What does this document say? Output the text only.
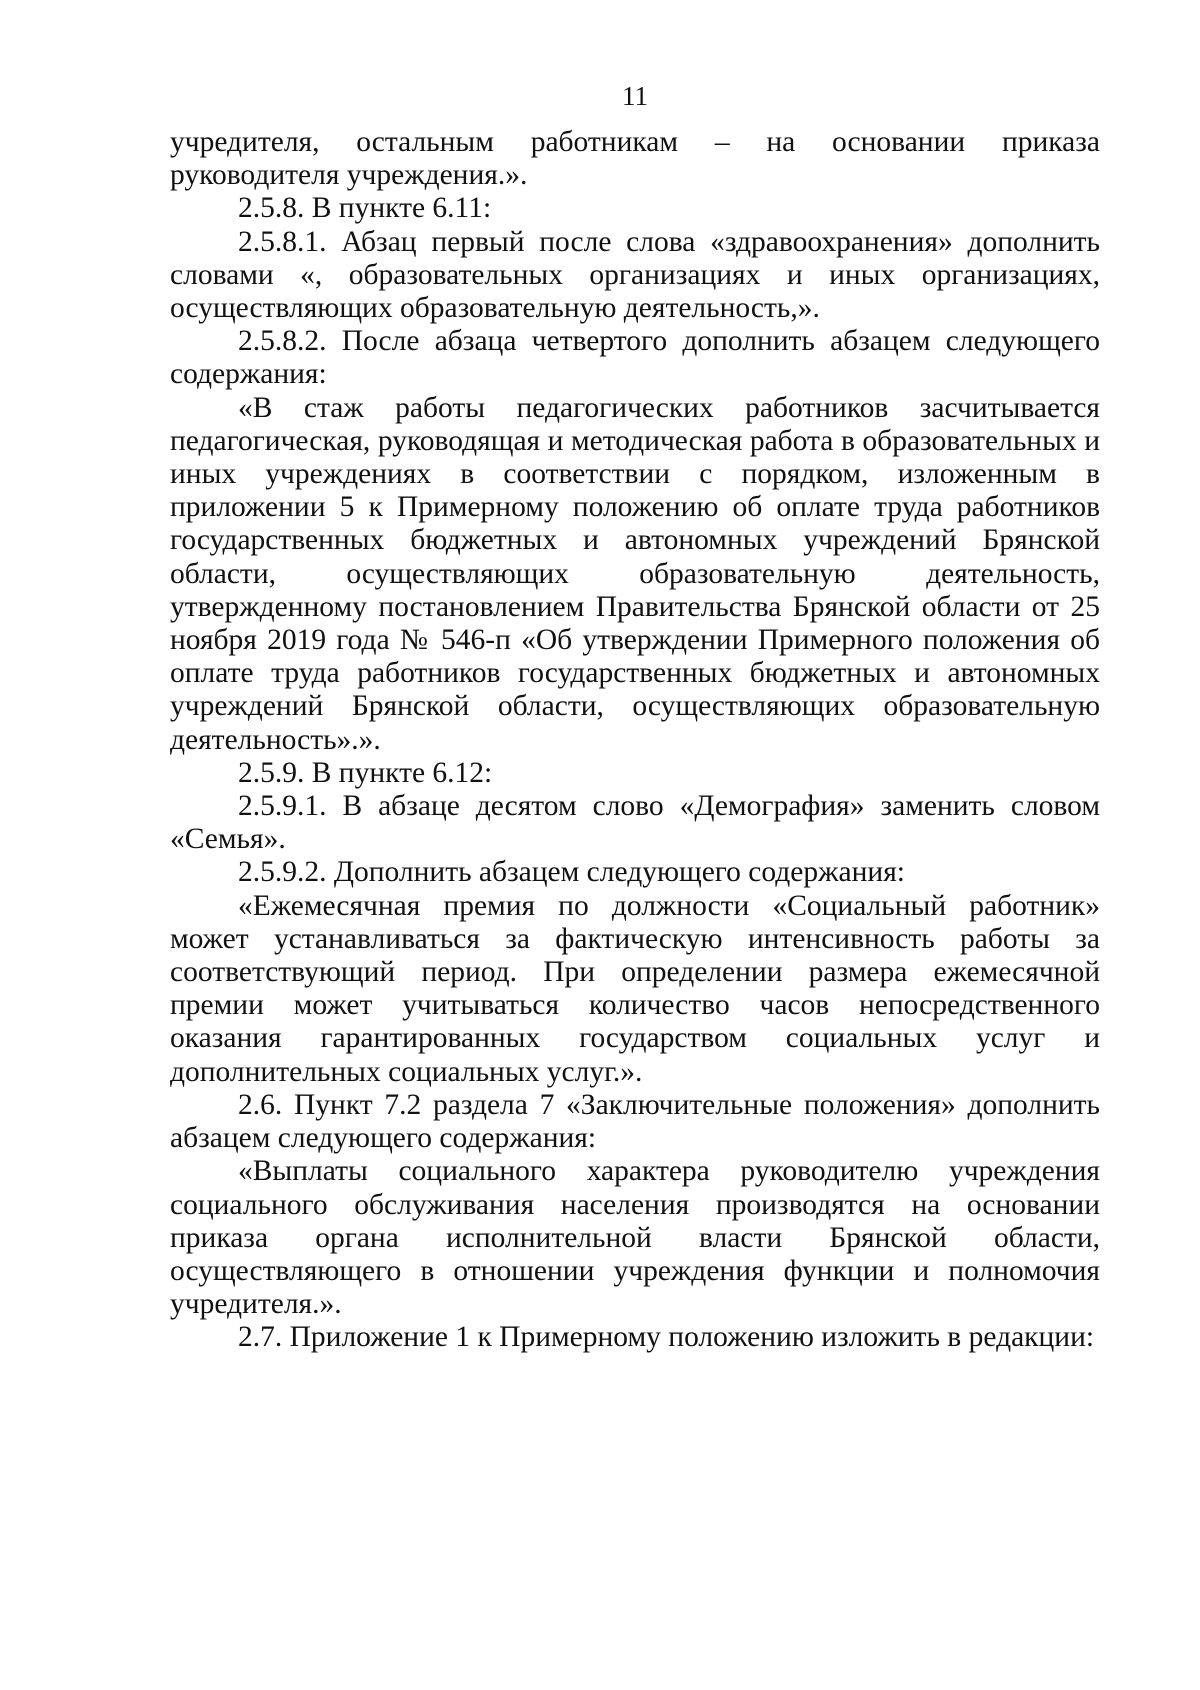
11

учредителя, остальным работникам – на основании приказа руководителя учреждения.».

2.5.8. В пункте 6.11:

2.5.8.1. Абзац первый после слова «здравоохранения» дополнить словами «, образовательных организациях и иных организациях, осуществляющих образовательную деятельность,».

2.5.8.2. После абзаца четвертого дополнить абзацем следующего содержания:

«В стаж работы педагогических работников засчитывается педагогическая, руководящая и методическая работа в образовательных и иных учреждениях в соответствии с порядком, изложенным в приложении 5 к Примерному положению об оплате труда работников государственных бюджетных и автономных учреждений Брянской области, осуществляющих образовательную деятельность, утвержденному постановлением Правительства Брянской области от 25 ноября 2019 года № 546-п «Об утверждении Примерного положения об оплате труда работников государственных бюджетных и автономных учреждений Брянской области, осуществляющих образовательную деятельность».».

2.5.9. В пункте 6.12:

2.5.9.1. В абзаце десятом слово «Демография» заменить словом «Семья».

2.5.9.2. Дополнить абзацем следующего содержания:

«Ежемесячная премия по должности «Социальный работник» может устанавливаться за фактическую интенсивность работы за соответствующий период. При определении размера ежемесячной премии может учитываться количество часов непосредственного оказания гарантированных государством социальных услуг и дополнительных социальных услуг.».

2.6. Пункт 7.2 раздела 7 «Заключительные положения» дополнить абзацем следующего содержания:

«Выплаты социального характера руководителю учреждения социального обслуживания населения производятся на основании приказа органа исполнительной власти Брянской области, осуществляющего в отношении учреждения функции и полномочия учредителя.».

2.7. Приложение 1 к Примерному положению изложить в редакции:
